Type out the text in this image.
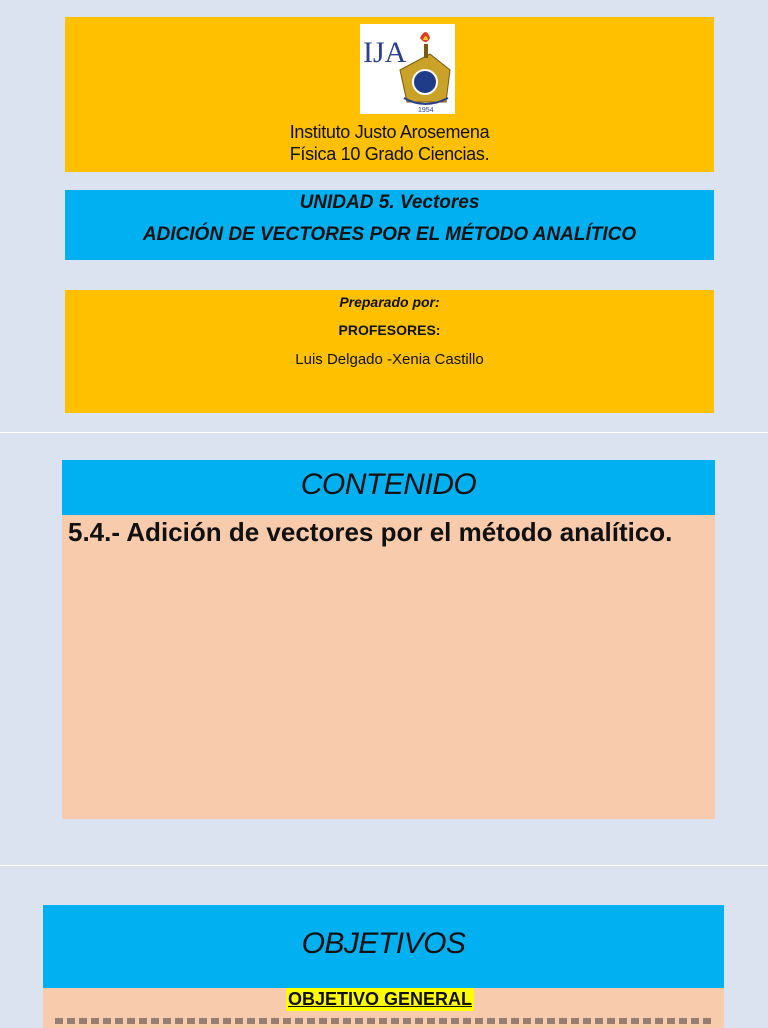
IJA
1954
Instituto Justo Arosemena
Física 10 Grado Ciencias.
UNIDAD 5. Vectores
ADICIÓN DE VECTORES POR EL MÉTODO ANALÍTICO
Preparado por:
PROFESORES:
Luis Delgado -Xenia Castillo
CONTENIDO
5.4.- Adición de vectores por el método analítico.
OBJETIVOS
OBJETIVO GENERAL
